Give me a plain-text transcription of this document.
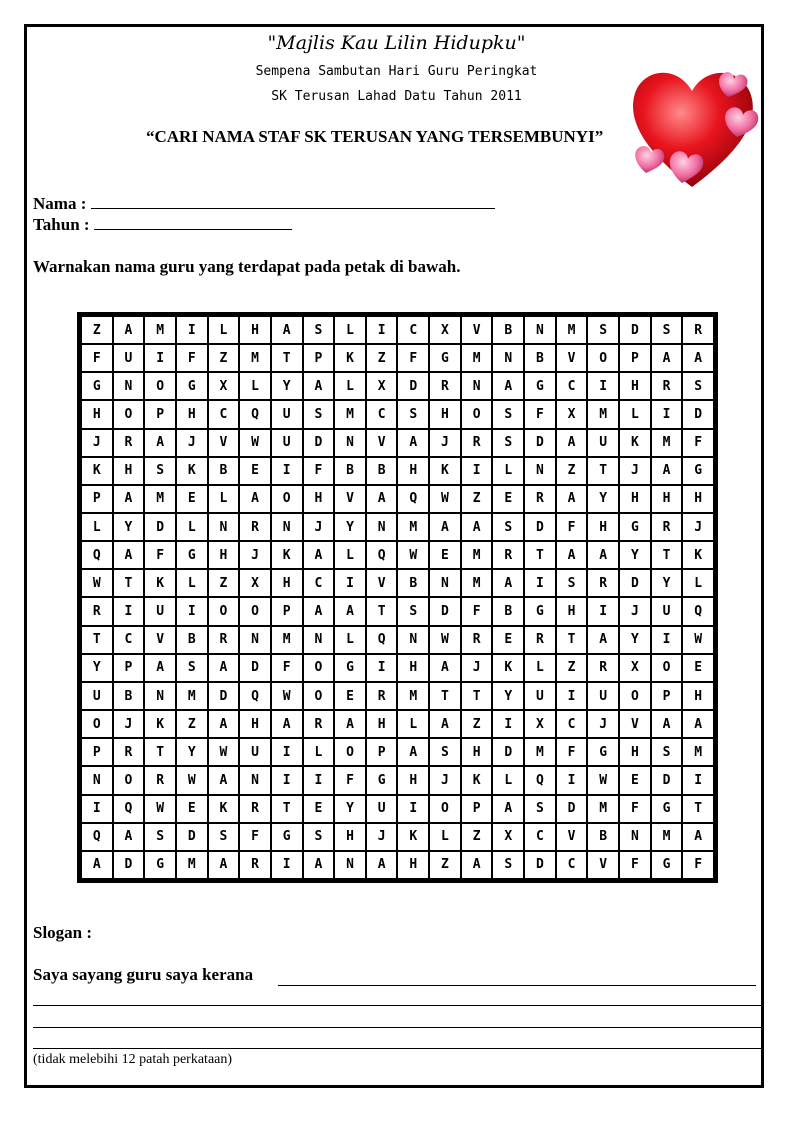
"Majlis Kau Lilin Hidupku"
Sempena Sambutan Hari Guru Peringkat
SK Terusan Lahad Datu Tahun 2011
“CARI NAMA STAF SK TERUSAN YANG TERSEMBUNYI”
Nama :
Tahun :
Warnakan nama guru yang terdapat pada petak di bawah.
Z	A	M	I	L	H	A	S	L	I	C	X	V	B	N	M	S	D	S	R
F	U	I	F	Z	M	T	P	K	Z	F	G	M	N	B	V	O	P	A	A
G	N	O	G	X	L	Y	A	L	X	D	R	N	A	G	C	I	H	R	S
H	O	P	H	C	Q	U	S	M	C	S	H	O	S	F	X	M	L	I	D
J	R	A	J	V	W	U	D	N	V	A	J	R	S	D	A	U	K	M	F
K	H	S	K	B	E	I	F	B	B	H	K	I	L	N	Z	T	J	A	G
P	A	M	E	L	A	O	H	V	A	Q	W	Z	E	R	A	Y	H	H	H
L	Y	D	L	N	R	N	J	Y	N	M	A	A	S	D	F	H	G	R	J
Q	A	F	G	H	J	K	A	L	Q	W	E	M	R	T	A	A	Y	T	K
W	T	K	L	Z	X	H	C	I	V	B	N	M	A	I	S	R	D	Y	L
R	I	U	I	O	O	P	A	A	T	S	D	F	B	G	H	I	J	U	Q
T	C	V	B	R	N	M	N	L	Q	N	W	R	E	R	T	A	Y	I	W
Y	P	A	S	A	D	F	O	G	I	H	A	J	K	L	Z	R	X	O	E
U	B	N	M	D	Q	W	O	E	R	M	T	T	Y	U	I	U	O	P	H
O	J	K	Z	A	H	A	R	A	H	L	A	Z	I	X	C	J	V	A	A
P	R	T	Y	W	U	I	L	O	P	A	S	H	D	M	F	G	H	S	M
N	O	R	W	A	N	I	I	F	G	H	J	K	L	Q	I	W	E	D	I
I	Q	W	E	K	R	T	E	Y	U	I	O	P	A	S	D	M	F	G	T
Q	A	S	D	S	F	G	S	H	J	K	L	Z	X	C	V	B	N	M	A
A	D	G	M	A	R	I	A	N	A	H	Z	A	S	D	C	V	F	G	F
Slogan :
Saya sayang guru saya kerana
(tidak melebihi 12 patah perkataan)
